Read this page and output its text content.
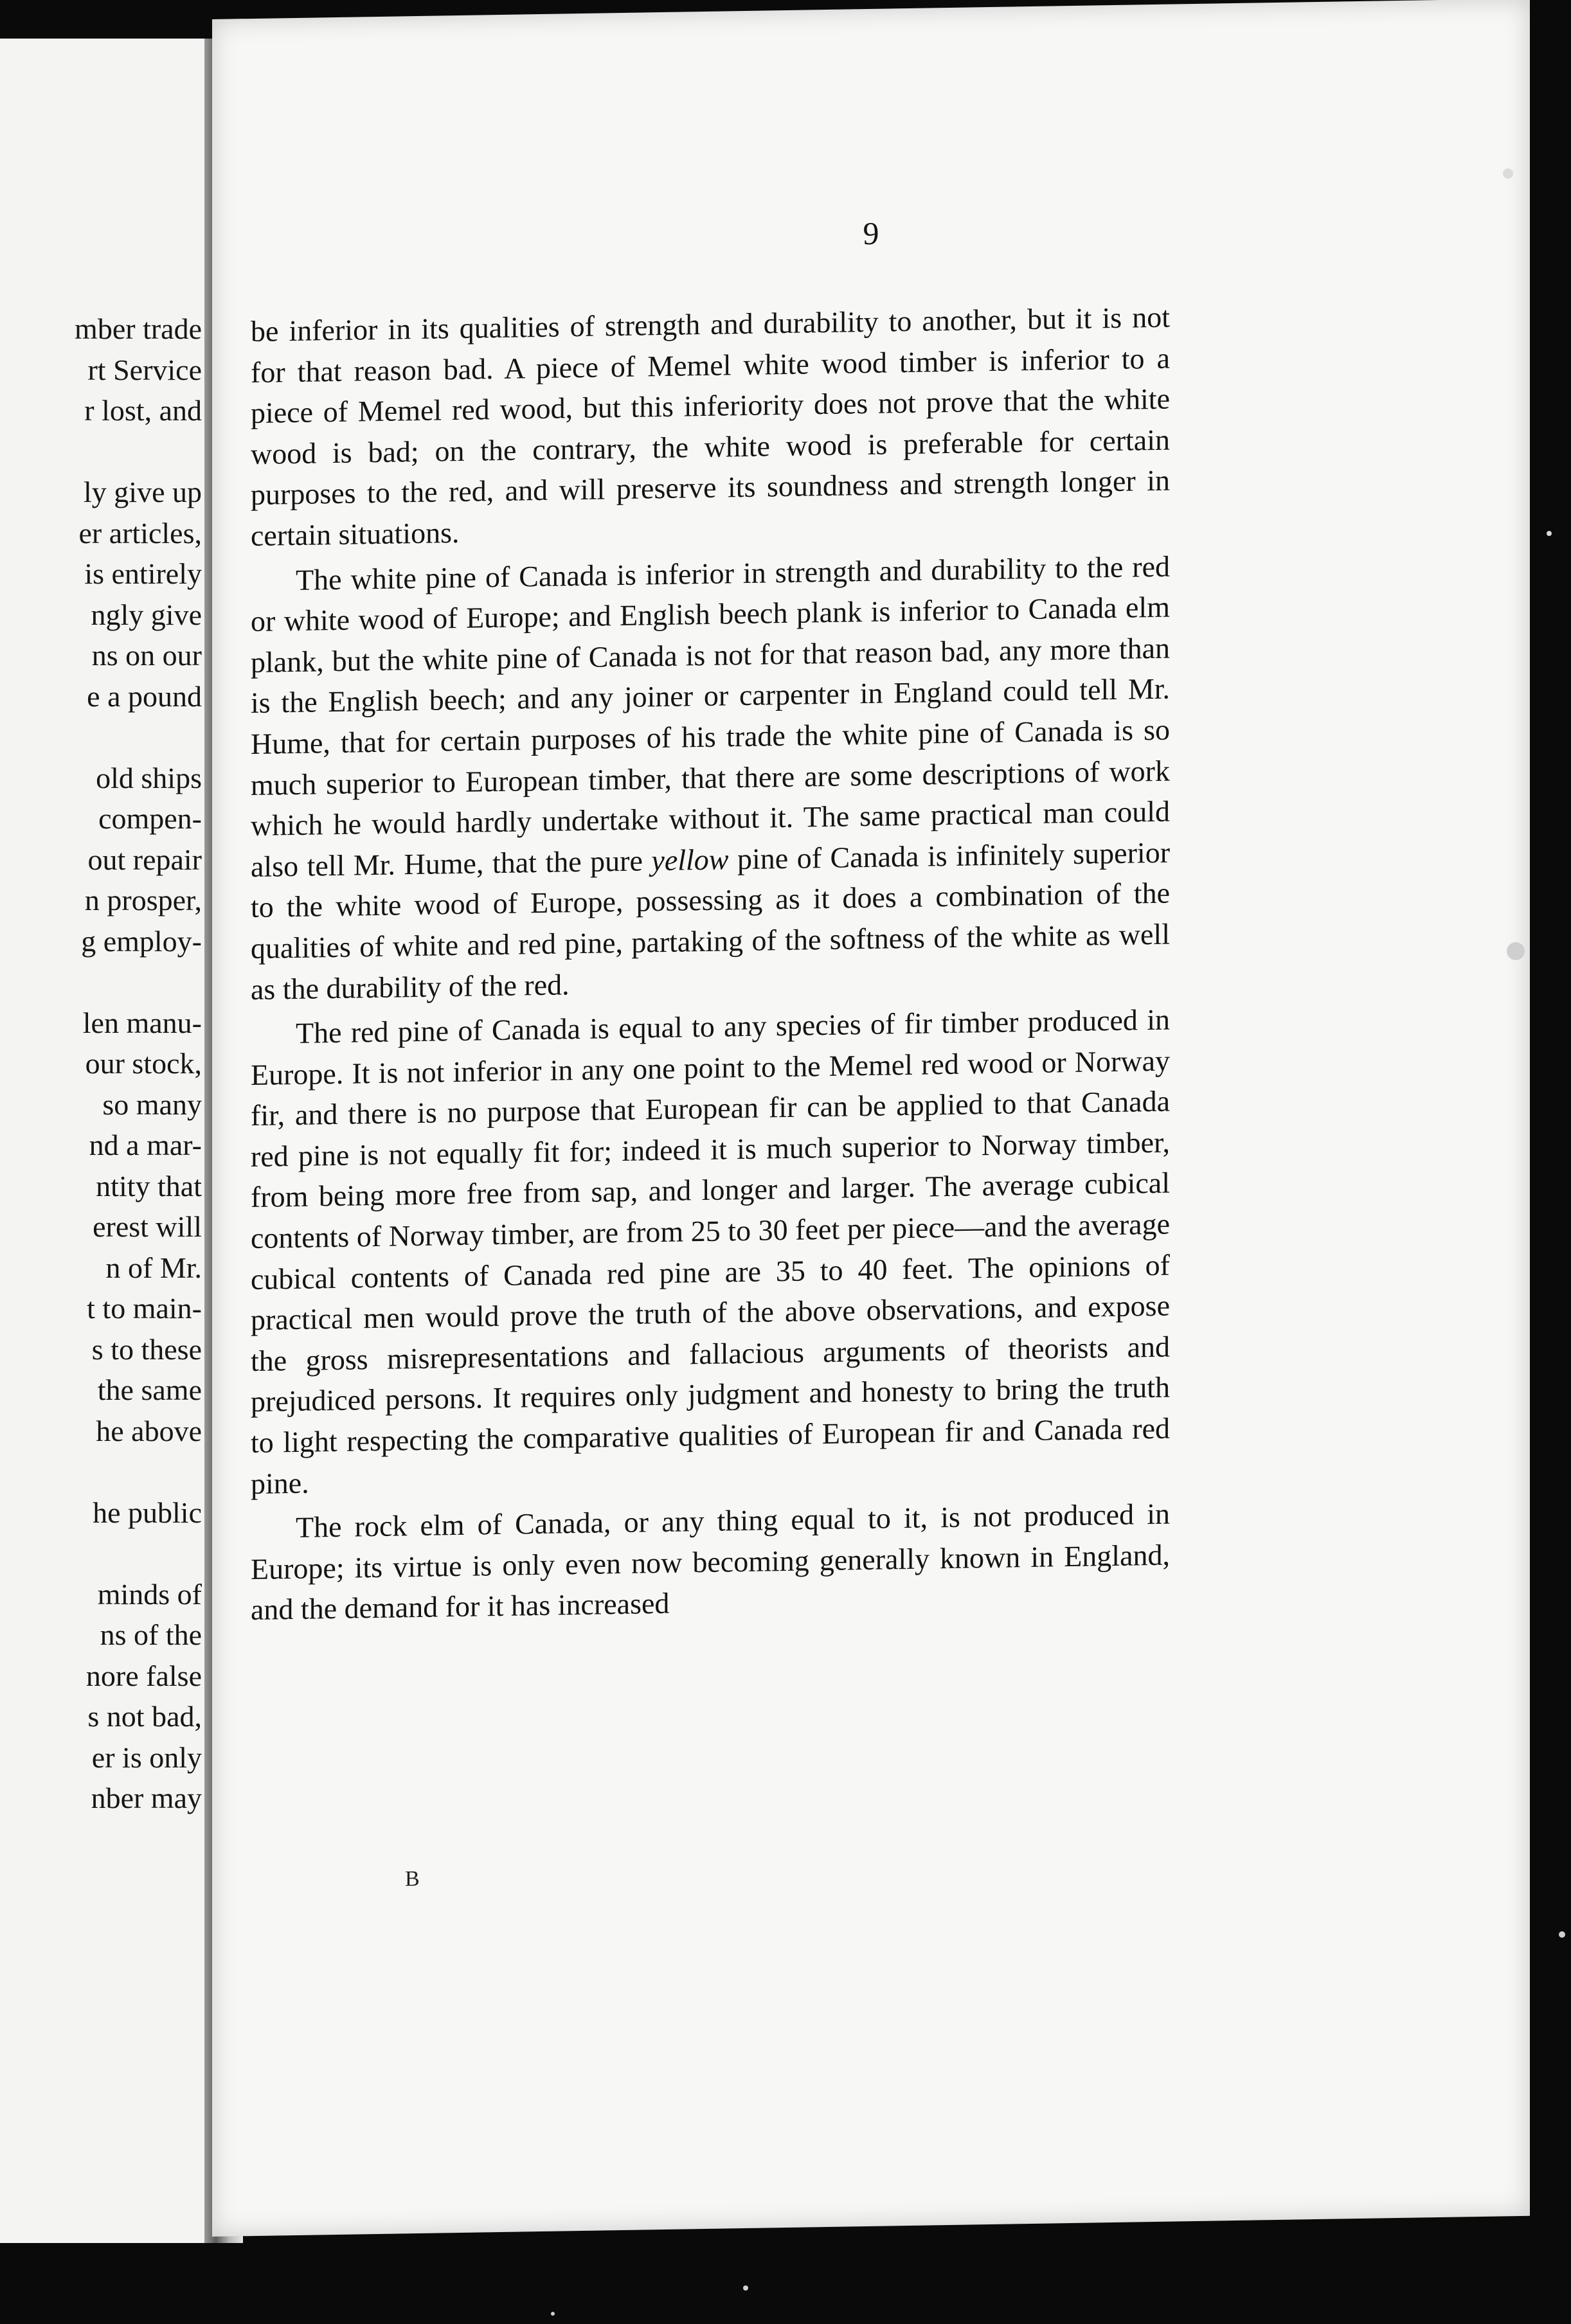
mber trade
rt Service
r lost, and
ly give up
er articles,
is entirely
ngly give
ns on our
e a pound
old ships
compen-
out repair
n prosper,
g employ-
len manu-
our stock,
so many
nd a mar-
ntity that
erest will
n of Mr.
t to main-
s to these
the same
he above
he public
minds of
ns of the
nore false
s not bad,
er is only
nber may
9

be inferior in its qualities of strength and durability to another, but it is not for that reason bad. A piece of Memel white wood timber is inferior to a piece of Memel red wood, but this inferiority does not prove that the white wood is bad; on the contrary, the white wood is preferable for certain purposes to the red, and will preserve its soundness and strength longer in certain situations.

The white pine of Canada is inferior in strength and durability to the red or white wood of Europe; and English beech plank is inferior to Canada elm plank, but the white pine of Canada is not for that reason bad, any more than is the English beech; and any joiner or carpenter in England could tell Mr. Hume, that for certain purposes of his trade the white pine of Canada is so much superior to European timber, that there are some descriptions of work which he would hardly undertake without it. The same practical man could also tell Mr. Hume, that the pure yellow pine of Canada is infinitely superior to the white wood of Europe, possessing as it does a combination of the qualities of white and red pine, partaking of the softness of the white as well as the durability of the red.

The red pine of Canada is equal to any species of fir timber produced in Europe. It is not inferior in any one point to the Memel red wood or Norway fir, and there is no purpose that European fir can be applied to that Canada red pine is not equally fit for; indeed it is much superior to Norway timber, from being more free from sap, and longer and larger. The average cubical contents of Norway timber, are from 25 to 30 feet per piece—and the average cubical contents of Canada red pine are 35 to 40 feet. The opinions of practical men would prove the truth of the above observations, and expose the gross misrepresentations and fallacious arguments of theorists and prejudiced persons. It requires only judgment and honesty to bring the truth to light respecting the comparative qualities of European fir and Canada red pine.

The rock elm of Canada, or any thing equal to it, is not produced in Europe; its virtue is only even now becoming generally known in England, and the demand for it has increased

B
